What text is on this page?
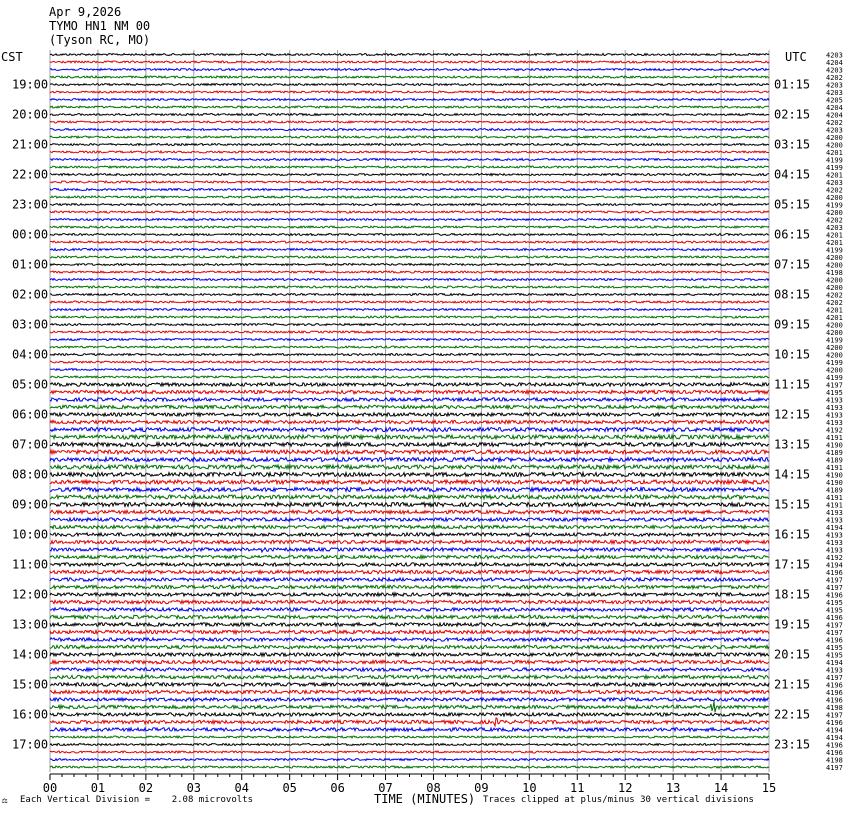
Apr 9,2026
TYMO HN1 NM 00
(Tyson RC, MO)
CST	UTC	4203
4204
4203
4202
4203
4203
4205
4204
4204
4202
4203
4200
4200
4201
4199
4199
4201
4203
4202
4200
4199
4200
4202
4203
4201
4201
4199
4200
4200
4198
4200
4200
4202
4202
4201
4201
4200
4200
4199
4200
4200
4199
4200
4199
4197
4195
4193
4193
4193
4193
4192
4191
4190
4189
4189
4191
4190
4190
4189
4191
4191
4193
4193
4194
4193
4193
4193
4192
4194
4196
4197
4197
4196
4195
4195
4196
4197
4197
4196
4195
4195
4194
4193
4197
4196
4196
4196
4198
4197
4196
4194
4194
4196
4196
4198
4197
19:00
20:00
21:00
22:00
23:00
00:00
01:00
02:00
03:00
04:00
05:00
06:00
07:00
08:00
09:00
10:00
11:00
12:00
13:00
14:00
15:00
16:00
17:00
01:15
02:15
03:15
04:15
05:15
06:15
07:15
08:15
09:15
10:15
11:15
12:15
13:15
14:15
15:15
16:15
17:15
18:15
19:15
20:15
21:15
22:15
23:15
00	01	02	03	04	05	06	07	08	09	10	11	12	13	14	15
⚖ Each Vertical Division =    2.08 microvolts	TIME (MINUTES) Traces clipped at plus/minus 30 vertical divisions
